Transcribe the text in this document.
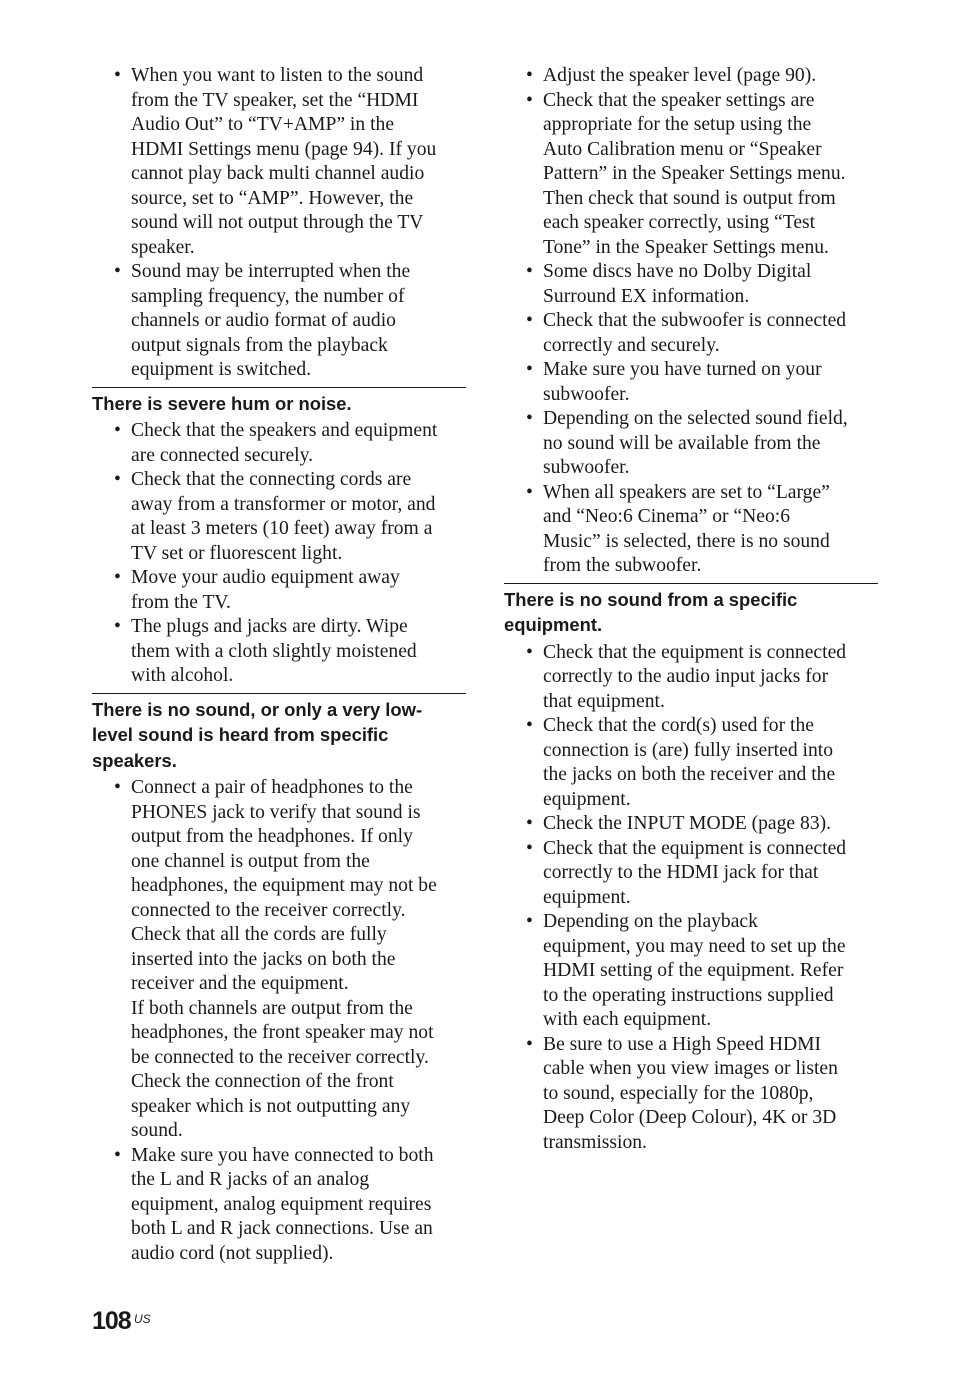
• When you want to listen to the sound
from the TV speaker, set the “HDMI
Audio Out” to “TV+AMP” in the
HDMI Settings menu (page 94). If you
cannot play back multi channel audio
source, set to “AMP”. However, the
sound will not output through the TV
speaker.
• Sound may be interrupted when the
sampling frequency, the number of
channels or audio format of audio
output signals from the playback
equipment is switched.
There is severe hum or noise.
• Check that the speakers and equipment
are connected securely.
• Check that the connecting cords are
away from a transformer or motor, and
at least 3 meters (10 feet) away from a
TV set or fluorescent light.
• Move your audio equipment away
from the TV.
• The plugs and jacks are dirty. Wipe
them with a cloth slightly moistened
with alcohol.
There is no sound, or only a very low-
level sound is heard from specific
speakers.
• Connect a pair of headphones to the
PHONES jack to verify that sound is
output from the headphones. If only
one channel is output from the
headphones, the equipment may not be
connected to the receiver correctly.
Check that all the cords are fully
inserted into the jacks on both the
receiver and the equipment.
If both channels are output from the
headphones, the front speaker may not
be connected to the receiver correctly.
Check the connection of the front
speaker which is not outputting any
sound.
• Make sure you have connected to both
the L and R jacks of an analog
equipment, analog equipment requires
both L and R jack connections. Use an
audio cord (not supplied).
• Adjust the speaker level (page 90).
• Check that the speaker settings are
appropriate for the setup using the
Auto Calibration menu or “Speaker
Pattern” in the Speaker Settings menu.
Then check that sound is output from
each speaker correctly, using “Test
Tone” in the Speaker Settings menu.
• Some discs have no Dolby Digital
Surround EX information.
• Check that the subwoofer is connected
correctly and securely.
• Make sure you have turned on your
subwoofer.
• Depending on the selected sound field,
no sound will be available from the
subwoofer.
• When all speakers are set to “Large”
and “Neo:6 Cinema” or “Neo:6
Music” is selected, there is no sound
from the subwoofer.
There is no sound from a specific
equipment.
• Check that the equipment is connected
correctly to the audio input jacks for
that equipment.
• Check that the cord(s) used for the
connection is (are) fully inserted into
the jacks on both the receiver and the
equipment.
• Check the INPUT MODE (page 83).
• Check that the equipment is connected
correctly to the HDMI jack for that
equipment.
• Depending on the playback
equipment, you may need to set up the
HDMI setting of the equipment. Refer
to the operating instructions supplied
with each equipment.
• Be sure to use a High Speed HDMI
cable when you view images or listen
to sound, especially for the 1080p,
Deep Color (Deep Colour), 4K or 3D
transmission.
108 US
